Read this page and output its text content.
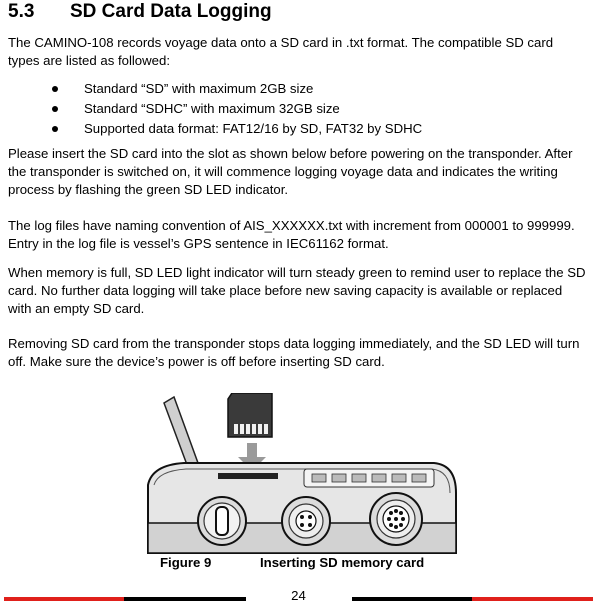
5.3 SD Card Data Logging
The CAMINO-108 records voyage data onto a SD card in .txt format. The compatible SD card types are listed as followed:
Standard “SD” with maximum 2GB size
Standard “SDHC” with maximum 32GB size
Supported data format: FAT12/16 by SD, FAT32 by SDHC
Please insert the SD card into the slot as shown below before powering on the transponder. After the transponder is switched on, it will commence logging voyage data and indicates the writing process by flashing the green SD LED indicator.
The log files have naming convention of AIS_XXXXXX.txt with increment from 000001 to 999999. Entry in the log file is vessel’s GPS sentence in IEC61162 format.
When memory is full, SD LED light indicator will turn steady green to remind user to replace the SD card. No further data logging will take place before new saving capacity is available or replaced with an empty SD card.
Removing SD card from the transponder stops data logging immediately, and the SD LED will turn off. Make sure the device’s power is off before inserting SD card.
Figure 9	Inserting SD memory card
24
